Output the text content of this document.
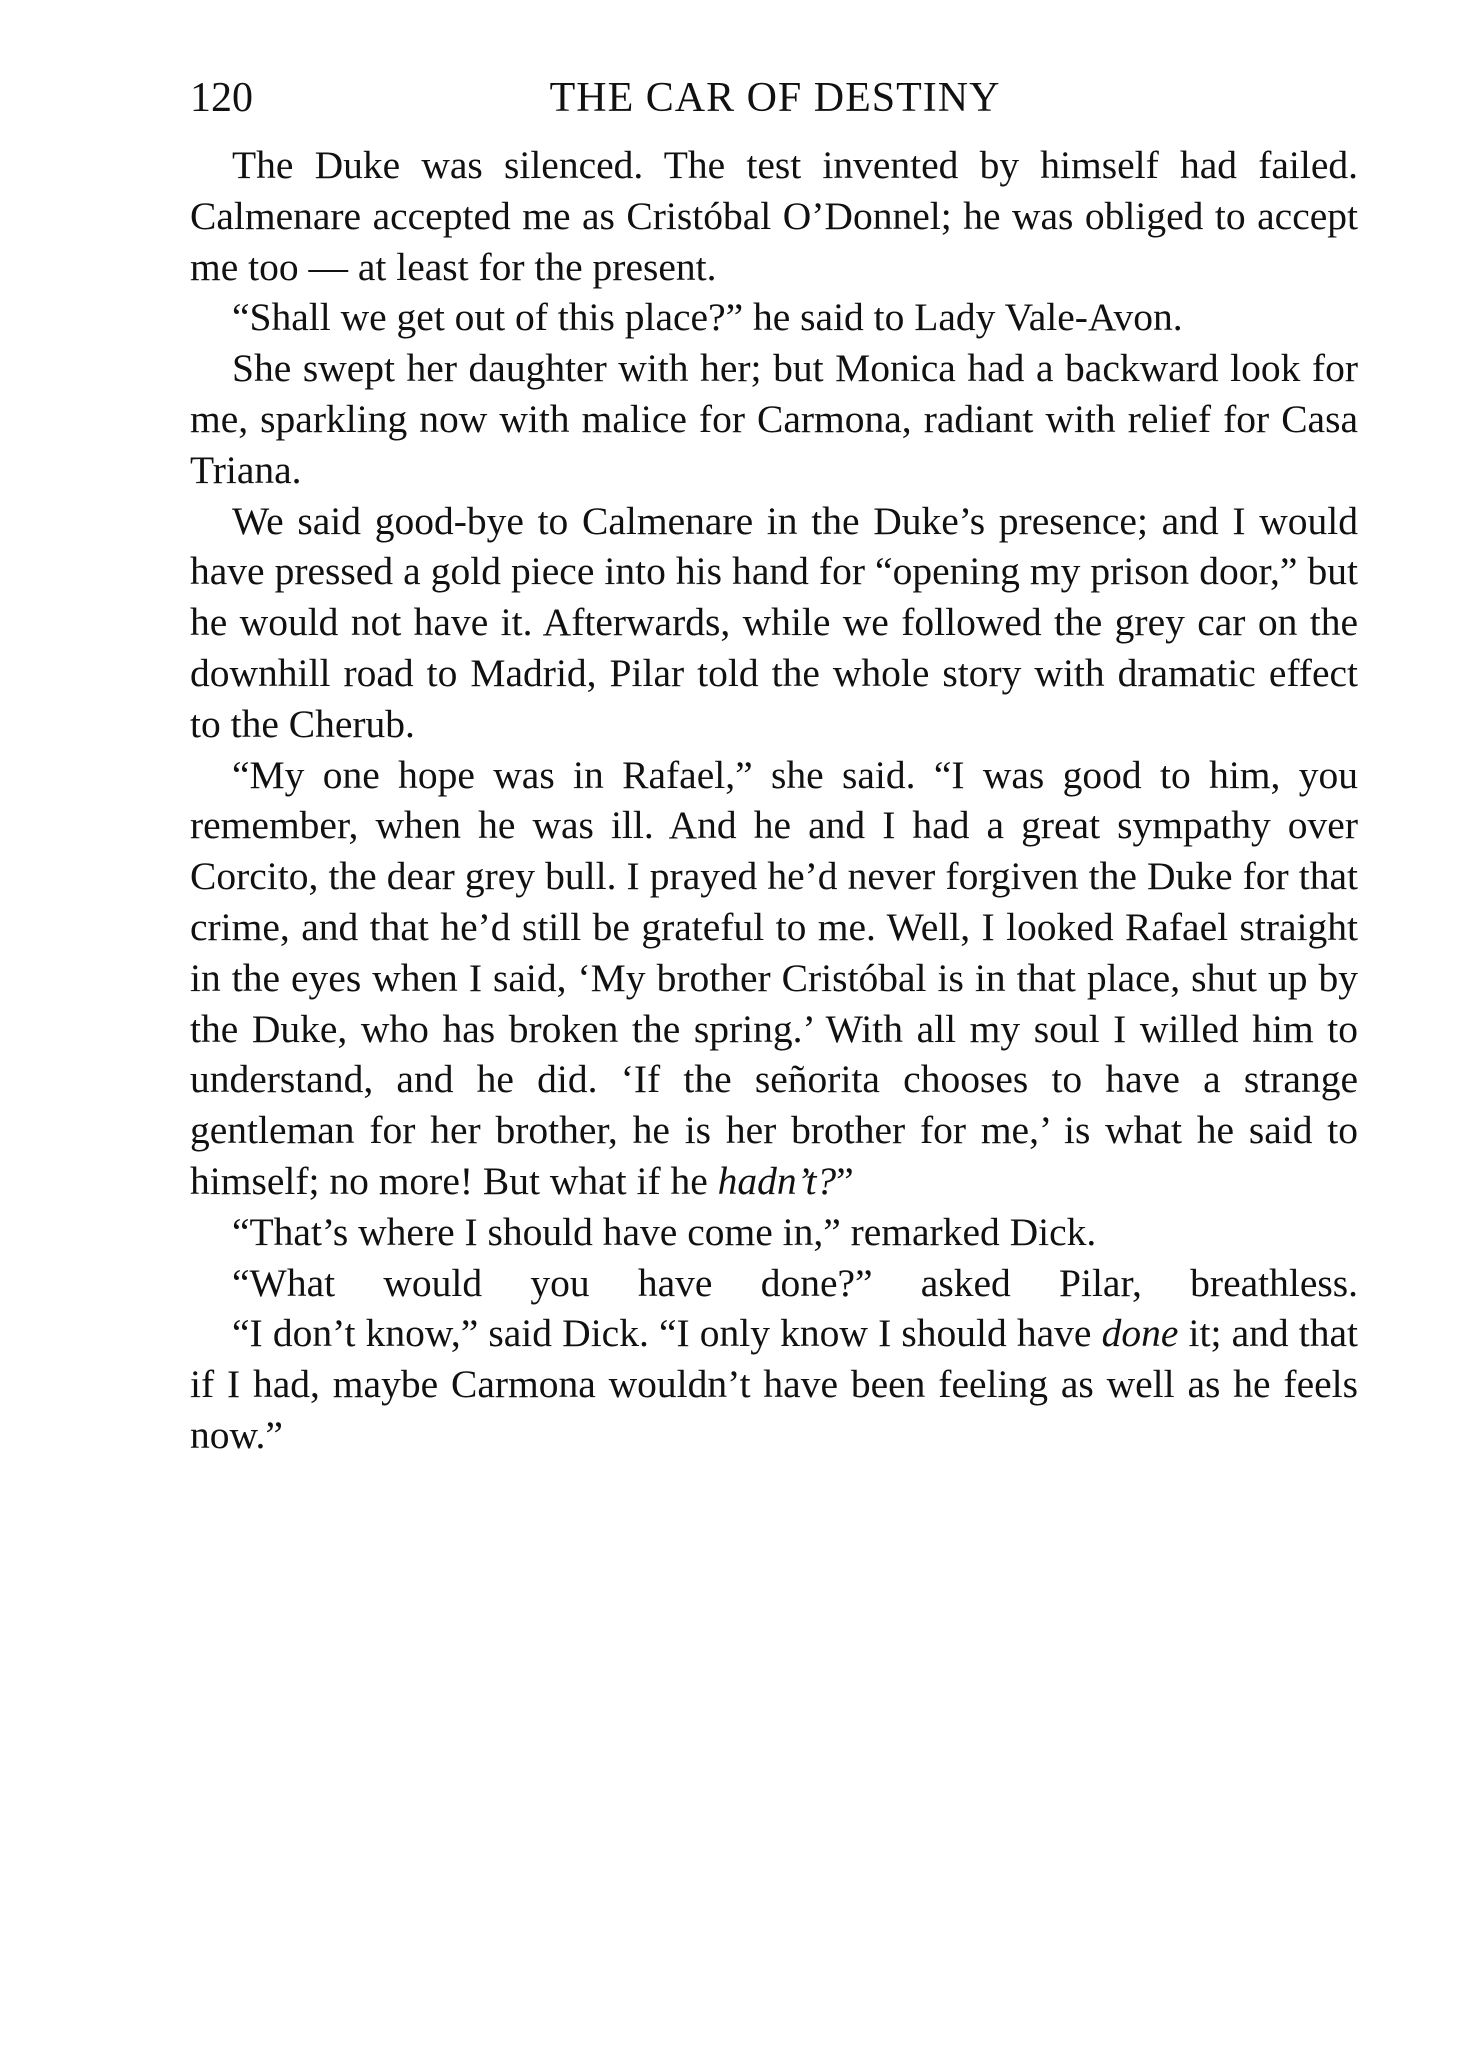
120	THE CAR OF DESTINY

The Duke was silenced. The test invented by himself had failed. Calmenare accepted me as Cristóbal O’Donnel; he was obliged to accept me too — at least for the present.

“Shall we get out of this place?” he said to Lady Vale-Avon.

She swept her daughter with her; but Monica had a backward look for me, sparkling now with malice for Carmona, radiant with relief for Casa Triana.

We said good-bye to Calmenare in the Duke’s presence; and I would have pressed a gold piece into his hand for “opening my prison door,” but he would not have it. Afterwards, while we followed the grey car on the downhill road to Madrid, Pilar told the whole story with dramatic effect to the Cherub.

“My one hope was in Rafael,” she said. “I was good to him, you remember, when he was ill. And he and I had a great sympathy over Corcito, the dear grey bull. I prayed he’d never forgiven the Duke for that crime, and that he’d still be grateful to me. Well, I looked Rafael straight in the eyes when I said, ‘My brother Cristóbal is in that place, shut up by the Duke, who has broken the spring.’ With all my soul I willed him to understand, and he did. ‘If the señorita chooses to have a strange gentleman for her brother, he is her brother for me,’ is what he said to himself; no more! But what if he hadn’t?”

“That’s where I should have come in,” remarked Dick.

“What would you have done?” asked Pilar, breathless.

“I don’t know,” said Dick. “I only know I should have done it; and that if I had, maybe Carmona wouldn’t have been feeling as well as he feels now.”
